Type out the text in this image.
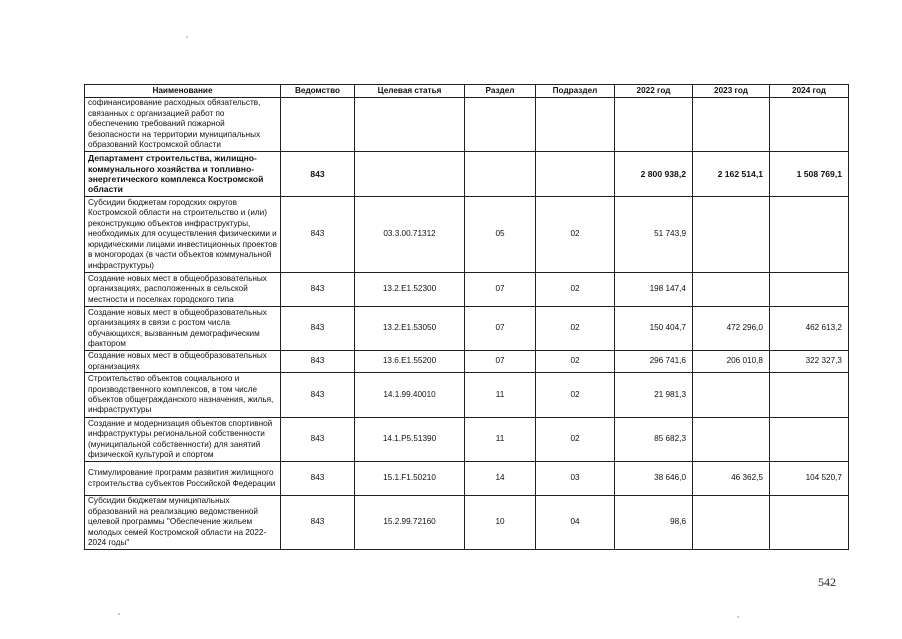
Наименование	Ведомство	Целевая статья	Раздел	Подраздел	2022 год	2023 год	2024 год
софинансирование расходных обязательств, связанных с организацией работ по обеспечению требований пожарной безопасности на территории муниципальных образований Костромской области							
Департамент строительства, жилищно-коммунального хозяйства и топливно-энергетического комплекса Костромской области	843				2 800 938,2	2 162 514,1	1 508 769,1
Субсидии бюджетам городских округов Костромской области на строительство и (или) реконструкцию объектов инфраструктуры, необходимых для осуществления физическими и юридическими лицами инвестиционных проектов в моногородах (в части объектов коммунальной инфраструктуры)	843	03.3.00.71312	05	02	51 743,9		
Создание новых мест в общеобразовательных организациях, расположенных в сельской местности и поселках городского типа	843	13.2.E1.52300	07	02	198 147,4		
Создание новых мест в общеобразовательных организациях в связи с ростом числа обучающихся, вызванным демографическим фактором	843	13.2.E1.53050	07	02	150 404,7	472 296,0	462 613,2
Создание новых мест в общеобразовательных организациях	843	13.6.E1.55200	07	02	296 741,6	206 010,8	322 327,3
Строительство объектов социального и производственного комплексов, в том числе объектов общегражданского назначения, жилья, инфраструктуры	843	14.1.99.40010	11	02	21 981,3		
Создание и модернизация объектов спортивной инфраструктуры региональной собственности (муниципальной собственности) для занятий физической культурой и спортом	843	14.1.P5.51390	11	02	85 682,3		
Стимулирование программ развития жилищного строительства субъектов Российской Федерации	843	15.1.F1.50210	14	03	38 646,0	46 362,5	104 520,7
Субсидии бюджетам муниципальных образований на реализацию ведомственной целевой программы "Обеспечение жильем молодых семей Костромской области на 2022-2024 годы"	843	15.2.99.72160	10	04	98,6		
542
